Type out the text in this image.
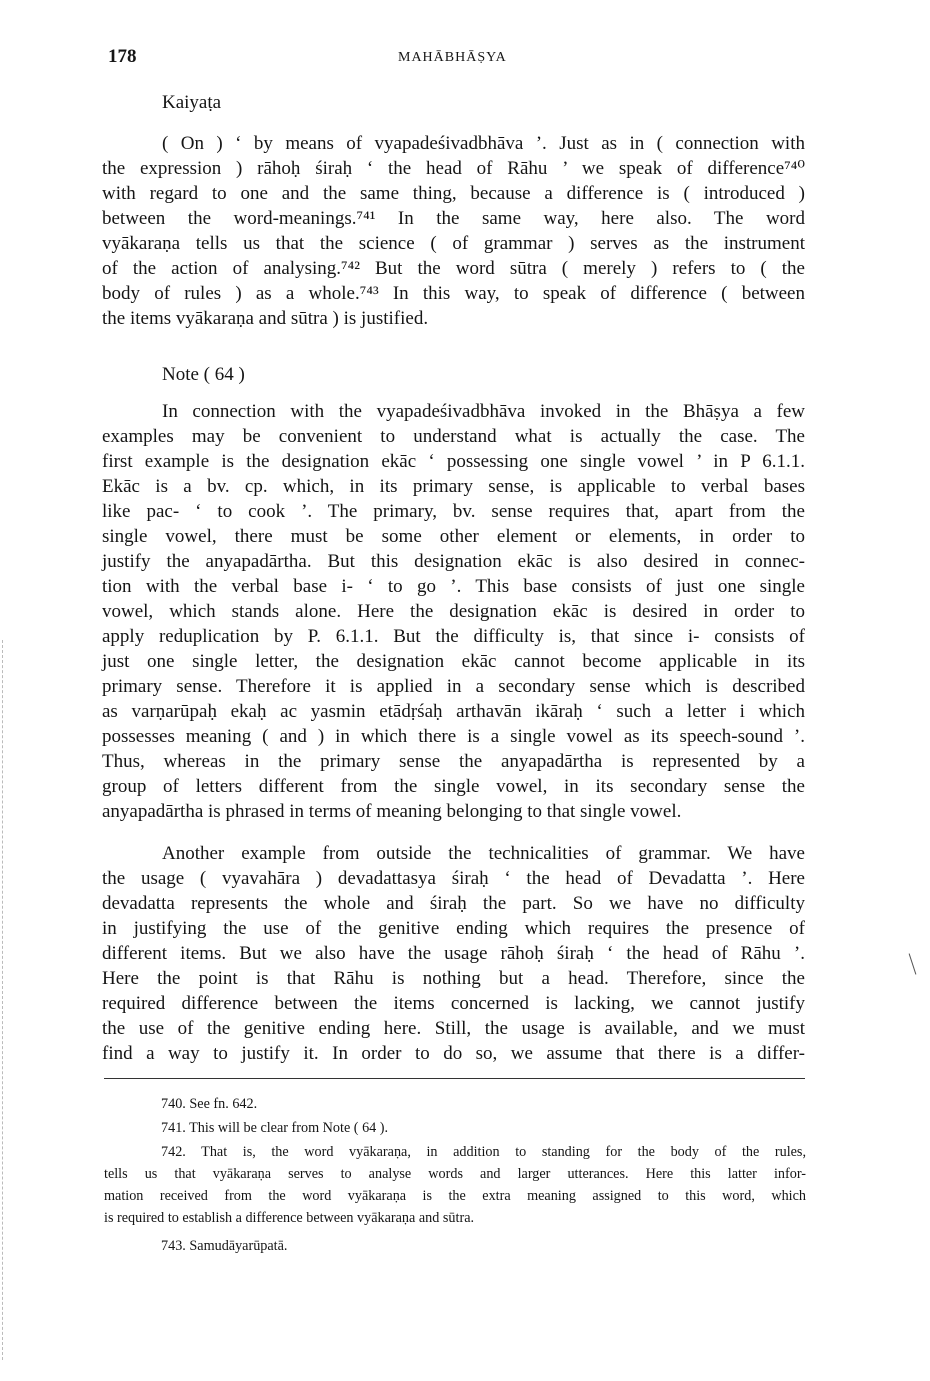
178	MAHĀBHĀṢYA
Kaiyaṭa
( On ) ‘ by means of vyapadeśivadbhāva ’. Just as in ( connection with
the expression ) rāhoḥ śiraḥ ‘ the head of Rāhu ’ we speak of difference⁷⁴⁰
with regard to one and the same thing, because a difference is ( introduced )
between the word-meanings.⁷⁴¹ In the same way, here also. The word
vyākaraṇa tells us that the science ( of grammar ) serves as the instrument
of the action of analysing.⁷⁴² But the word sūtra ( merely ) refers to ( the
body of rules ) as a whole.⁷⁴³ In this way, to speak of difference ( between
the items vyākaraṇa and sūtra ) is justified.
Note ( 64 )
In connection with the vyapadeśivadbhāva invoked in the Bhāṣya a few
examples may be convenient to understand what is actually the case. The
first example is the designation ekāc ‘ possessing one single vowel ’ in P 6.1.1.
Ekāc is a bv. cp. which, in its primary sense, is applicable to verbal bases
like pac- ‘ to cook ’. The primary, bv. sense requires that, apart from the
single vowel, there must be some other element or elements, in order to
justify the anyapadārtha. But this designation ekāc is also desired in connec-
tion with the verbal base i- ‘ to go ’. This base consists of just one single
vowel, which stands alone. Here the designation ekāc is desired in order to
apply reduplication by P. 6.1.1. But the difficulty is, that since i- consists of
just one single letter, the designation ekāc cannot become applicable in its
primary sense. Therefore it is applied in a secondary sense which is described
as varṇarūpaḥ ekaḥ ac yasmin etādṛśaḥ arthavān ikāraḥ ‘ such a letter i which
possesses meaning ( and ) in which there is a single vowel as its speech-sound ’.
Thus, whereas in the primary sense the anyapadārtha is represented by a
group of letters different from the single vowel, in its secondary sense the
anyapadārtha is phrased in terms of meaning belonging to that single vowel.
Another example from outside the technicalities of grammar. We have
the usage ( vyavahāra ) devadattasya śiraḥ ‘ the head of Devadatta ’. Here
devadatta represents the whole and śiraḥ the part. So we have no difficulty
in justifying the use of the genitive ending which requires the presence of
different items. But we also have the usage rāhoḥ śiraḥ ‘ the head of Rāhu ’.
Here the point is that Rāhu is nothing but a head. Therefore, since the
required difference between the items concerned is lacking, we cannot justify
the use of the genitive ending here. Still, the usage is available, and we must
find a way to justify it. In order to do so, we assume that there is a differ-
740. See fn. 642.
741. This will be clear from Note ( 64 ).
742. That is, the word vyākaraṇa, in addition to standing for the body of the rules,
tells us that vyākaraṇa serves to analyse words and larger utterances. Here this latter infor-
mation received from the word vyākaraṇa is the extra meaning assigned to this word, which
is required to establish a difference between vyākaraṇa and sūtra.
743. Samudāyarūpatā.
